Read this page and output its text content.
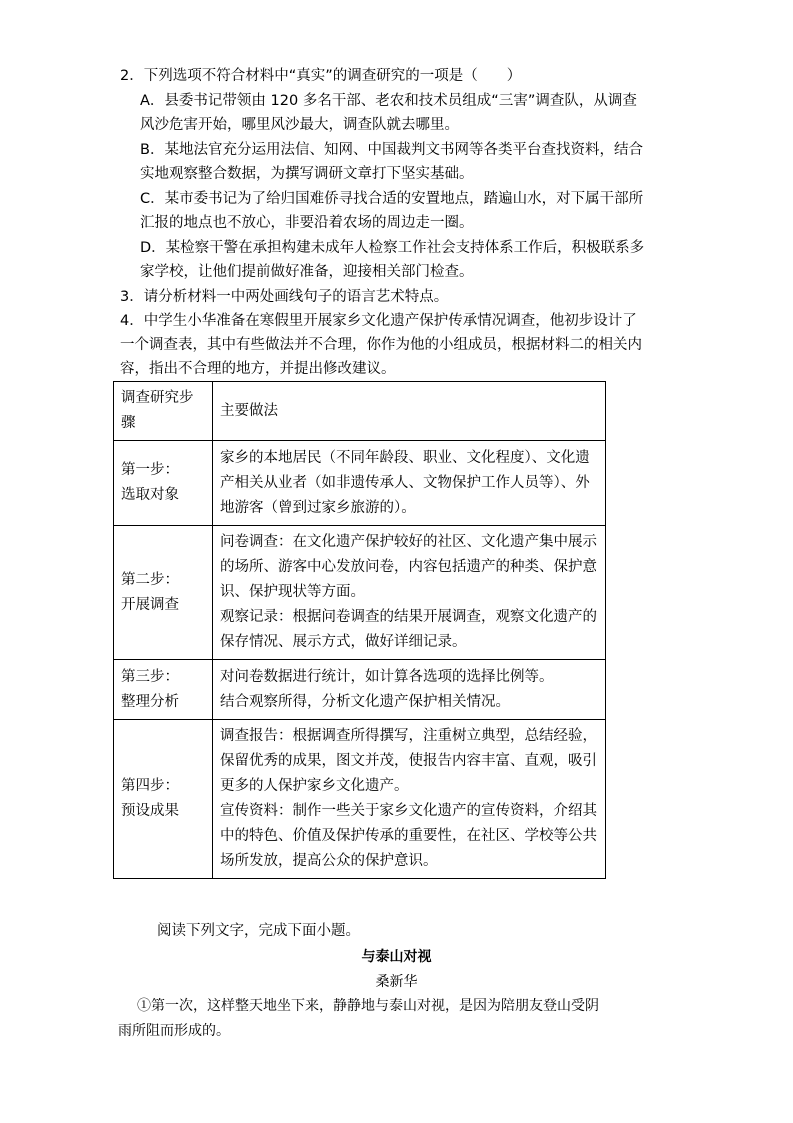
2．下列选项不符合材料中“真实”的调查研究的一项是（　　）
A．县委书记带领由 120 多名干部、老农和技术员组成“三害”调查队，从调查
风沙危害开始，哪里风沙最大，调查队就去哪里。
B．某地法官充分运用法信、知网、中国裁判文书网等各类平台查找资料，结合
实地观察整合数据，为撰写调研文章打下坚实基础。
C．某市委书记为了给归国难侨寻找合适的安置地点，踏遍山水，对下属干部所
汇报的地点也不放心，非要沿着农场的周边走一圈。
D．某检察干警在承担构建未成年人检察工作社会支持体系工作后，积极联系多
家学校，让他们提前做好准备，迎接相关部门检查。
3．请分析材料一中两处画线句子的语言艺术特点。
4．中学生小华准备在寒假里开展家乡文化遗产保护传承情况调查，他初步设计了
一个调查表，其中有些做法并不合理，你作为他的小组成员，根据材料二的相关内
容，指出不合理的地方，并提出修改建议。
调查研究步骤	主要做法

第一步：
选取对象	家乡的本地居民（不同年龄段、职业、文化程度）、文化遗产相关从业者（如非遗传承人、文物保护工作人员等）、外地游客（曾到过家乡旅游的）。

第二步：
开展调查	问卷调查：在文化遗产保护较好的社区、文化遗产集中展示的场所、游客中心发放问卷，内容包括遗产的种类、保护意识、保护现状等方面。
观察记录：根据问卷调查的结果开展调查，观察文化遗产的保存情况、展示方式，做好详细记录。

第三步：
整理分析	对问卷数据进行统计，如计算各选项的选择比例等。
结合观察所得，分析文化遗产保护相关情况。

第四步：
预设成果	调查报告：根据调查所得撰写，注重树立典型，总结经验，保留优秀的成果，图文并茂，使报告内容丰富、直观，吸引更多的人保护家乡文化遗产。
宣传资料：制作一些关于家乡文化遗产的宣传资料，介绍其中的特色、价值及保护传承的重要性，在社区、学校等公共场所发放，提高公众的保护意识。
阅读下列文字，完成下面小题。
与泰山对视
桑新华
①第一次，这样整天地坐下来，静静地与泰山对视，是因为陪朋友登山受阴
雨所阻而形成的。
